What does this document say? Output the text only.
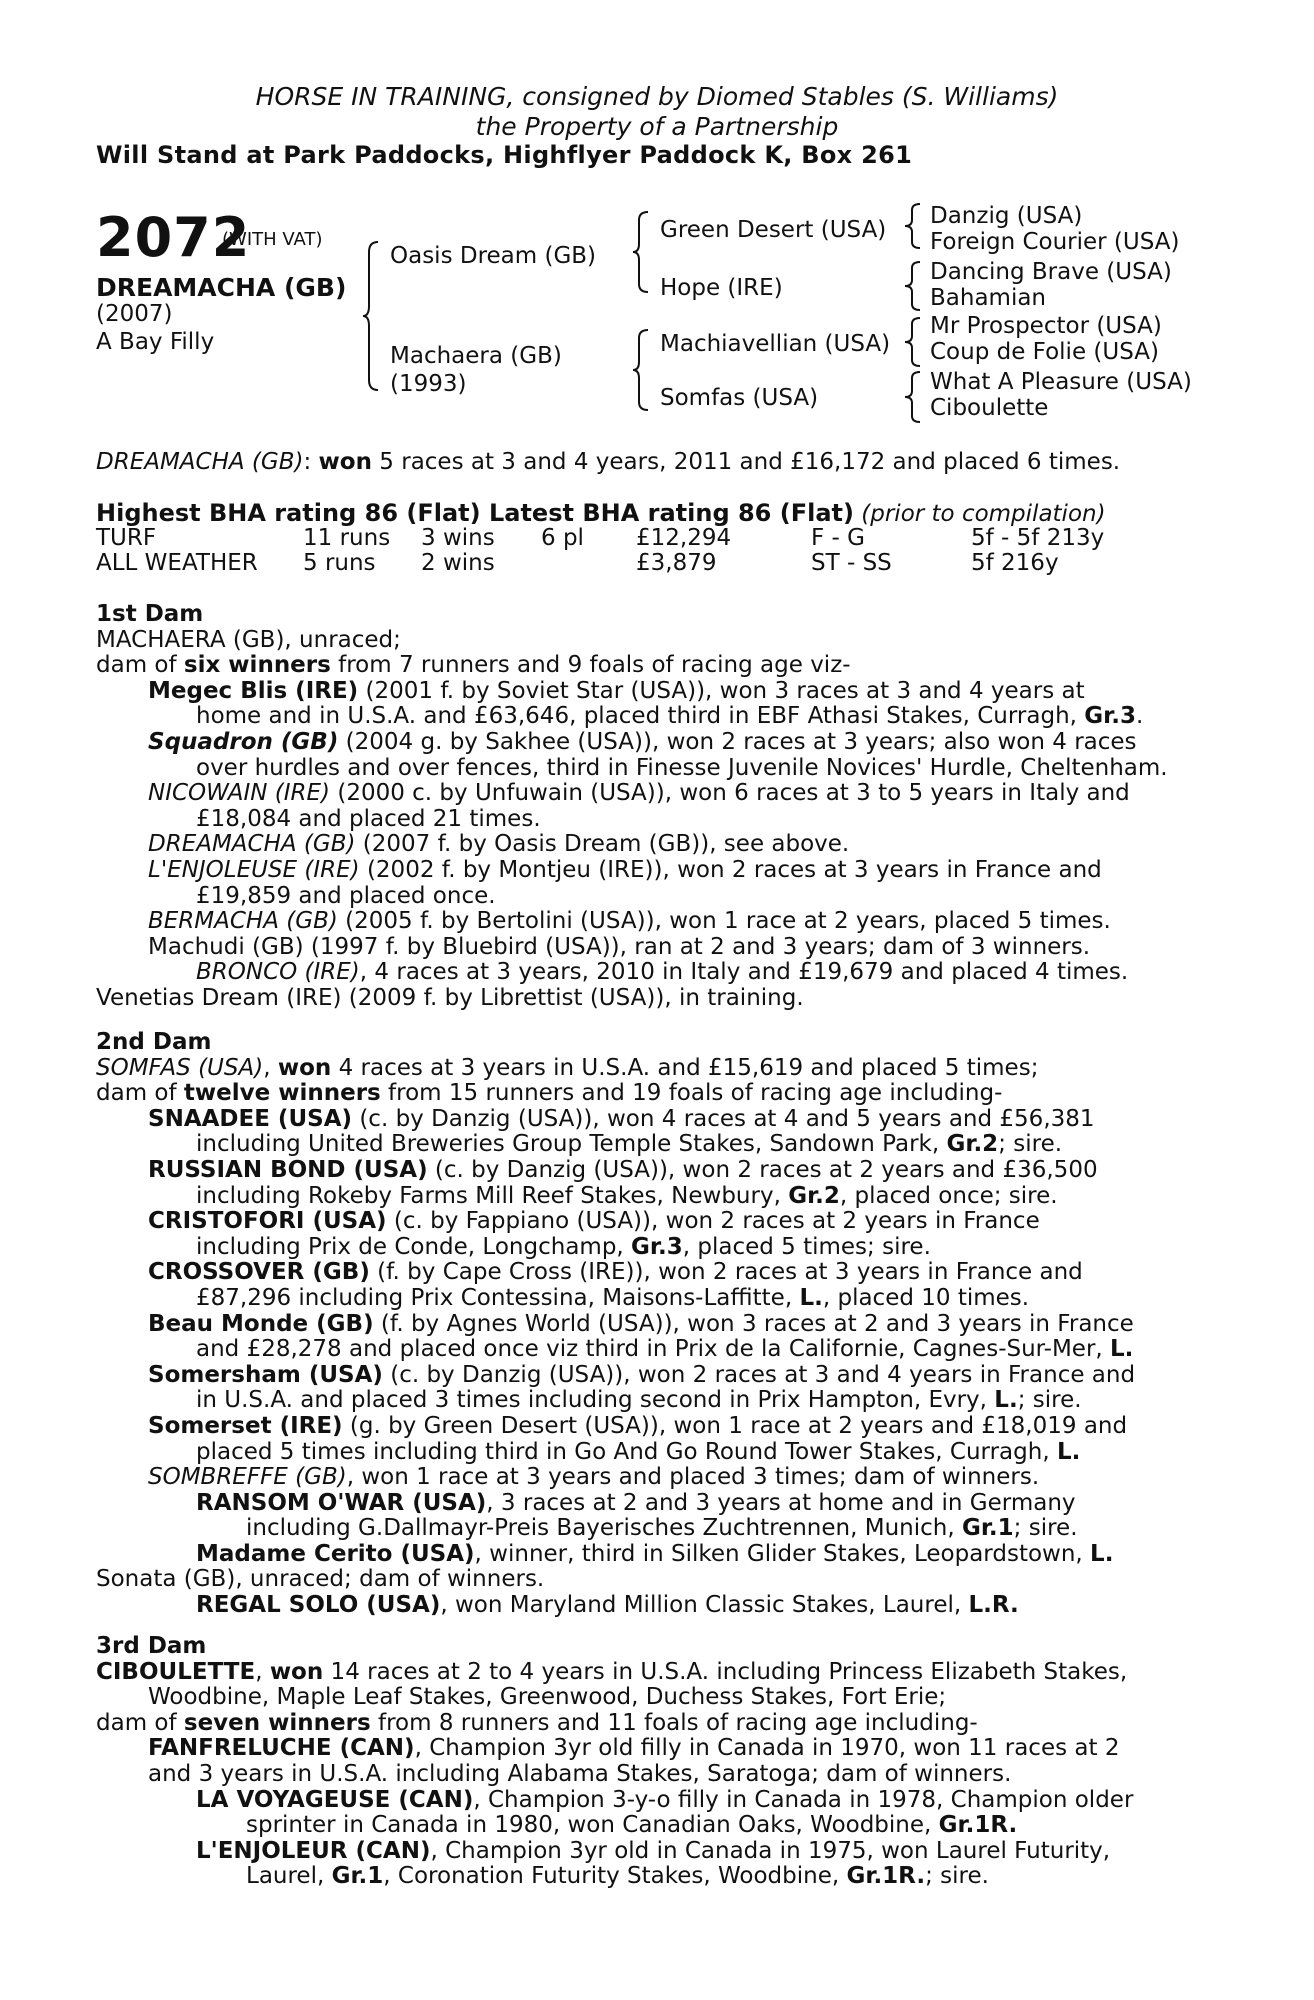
HORSE IN TRAINING, consigned by Diomed Stables (S. Williams)
the Property of a Partnership
Will Stand at Park Paddocks, Highflyer Paddock K, Box 261
2072
(WITH VAT)
DREAMACHA (GB)
(2007)
A Bay Filly
Oasis Dream (GB)
Machaera (GB)
(1993)
Green Desert (USA)
Hope (IRE)
Machiavellian (USA)
Somfas (USA)
Danzig (USA)
Foreign Courier (USA)
Dancing Brave (USA)
Bahamian
Mr Prospector (USA)
Coup de Folie (USA)
What A Pleasure (USA)
Ciboulette
DREAMACHA (GB): won 5 races at 3 and 4 years, 2011 and £16,172 and placed 6 times.
Highest BHA rating 86 (Flat) Latest BHA rating 86 (Flat) (prior to compilation)
TURF	11 runs	3 wins	6 pl	£12,294	F - G	5f - 5f 213y
ALL WEATHER	5 runs	2 wins		£3,879	ST - SS	5f 216y

1st Dam

MACHAERA (GB), unraced;

dam of six winners from 7 runners and 9 foals of racing age viz-

Megec Blis (IRE) (2001 f. by Soviet Star (USA)), won 3 races at 3 and 4 years at

home and in U.S.A. and £63,646, placed third in EBF Athasi Stakes, Curragh, Gr.3.

Squadron (GB) (2004 g. by Sakhee (USA)), won 2 races at 3 years; also won 4 races

over hurdles and over fences, third in Finesse Juvenile Novices' Hurdle, Cheltenham.

NICOWAIN (IRE) (2000 c. by Unfuwain (USA)), won 6 races at 3 to 5 years in Italy and

£18,084 and placed 21 times.

DREAMACHA (GB) (2007 f. by Oasis Dream (GB)), see above.

L'ENJOLEUSE (IRE) (2002 f. by Montjeu (IRE)), won 2 races at 3 years in France and

£19,859 and placed once.

BERMACHA (GB) (2005 f. by Bertolini (USA)), won 1 race at 2 years, placed 5 times.

Machudi (GB) (1997 f. by Bluebird (USA)), ran at 2 and 3 years; dam of 3 winners.

BRONCO (IRE), 4 races at 3 years, 2010 in Italy and £19,679 and placed 4 times.

Venetias Dream (IRE) (2009 f. by Librettist (USA)), in training.

2nd Dam

SOMFAS (USA), won 4 races at 3 years in U.S.A. and £15,619 and placed 5 times;

dam of twelve winners from 15 runners and 19 foals of racing age including-

SNAADEE (USA) (c. by Danzig (USA)), won 4 races at 4 and 5 years and £56,381

including United Breweries Group Temple Stakes, Sandown Park, Gr.2; sire.

RUSSIAN BOND (USA) (c. by Danzig (USA)), won 2 races at 2 years and £36,500

including Rokeby Farms Mill Reef Stakes, Newbury, Gr.2, placed once; sire.

CRISTOFORI (USA) (c. by Fappiano (USA)), won 2 races at 2 years in France

including Prix de Conde, Longchamp, Gr.3, placed 5 times; sire.

CROSSOVER (GB) (f. by Cape Cross (IRE)), won 2 races at 3 years in France and

£87,296 including Prix Contessina, Maisons-Laffitte, L., placed 10 times.

Beau Monde (GB) (f. by Agnes World (USA)), won 3 races at 2 and 3 years in France

and £28,278 and placed once viz third in Prix de la Californie, Cagnes-Sur-Mer, L.

Somersham (USA) (c. by Danzig (USA)), won 2 races at 3 and 4 years in France and

in U.S.A. and placed 3 times including second in Prix Hampton, Evry, L.; sire.

Somerset (IRE) (g. by Green Desert (USA)), won 1 race at 2 years and £18,019 and

placed 5 times including third in Go And Go Round Tower Stakes, Curragh, L.

SOMBREFFE (GB), won 1 race at 3 years and placed 3 times; dam of winners.

RANSOM O'WAR (USA), 3 races at 2 and 3 years at home and in Germany

including G.Dallmayr-Preis Bayerisches Zuchtrennen, Munich, Gr.1; sire.

Madame Cerito (USA), winner, third in Silken Glider Stakes, Leopardstown, L.

Sonata (GB), unraced; dam of winners.

REGAL SOLO (USA), won Maryland Million Classic Stakes, Laurel, L.R.

3rd Dam

CIBOULETTE, won 14 races at 2 to 4 years in U.S.A. including Princess Elizabeth Stakes,

Woodbine, Maple Leaf Stakes, Greenwood, Duchess Stakes, Fort Erie;

dam of seven winners from 8 runners and 11 foals of racing age including-

FANFRELUCHE (CAN), Champion 3yr old filly in Canada in 1970, won 11 races at 2

and 3 years in U.S.A. including Alabama Stakes, Saratoga; dam of winners.

LA VOYAGEUSE (CAN), Champion 3-y-o filly in Canada in 1978, Champion older

sprinter in Canada in 1980, won Canadian Oaks, Woodbine, Gr.1R.

L'ENJOLEUR (CAN), Champion 3yr old in Canada in 1975, won Laurel Futurity,

Laurel, Gr.1, Coronation Futurity Stakes, Woodbine, Gr.1R.; sire.
